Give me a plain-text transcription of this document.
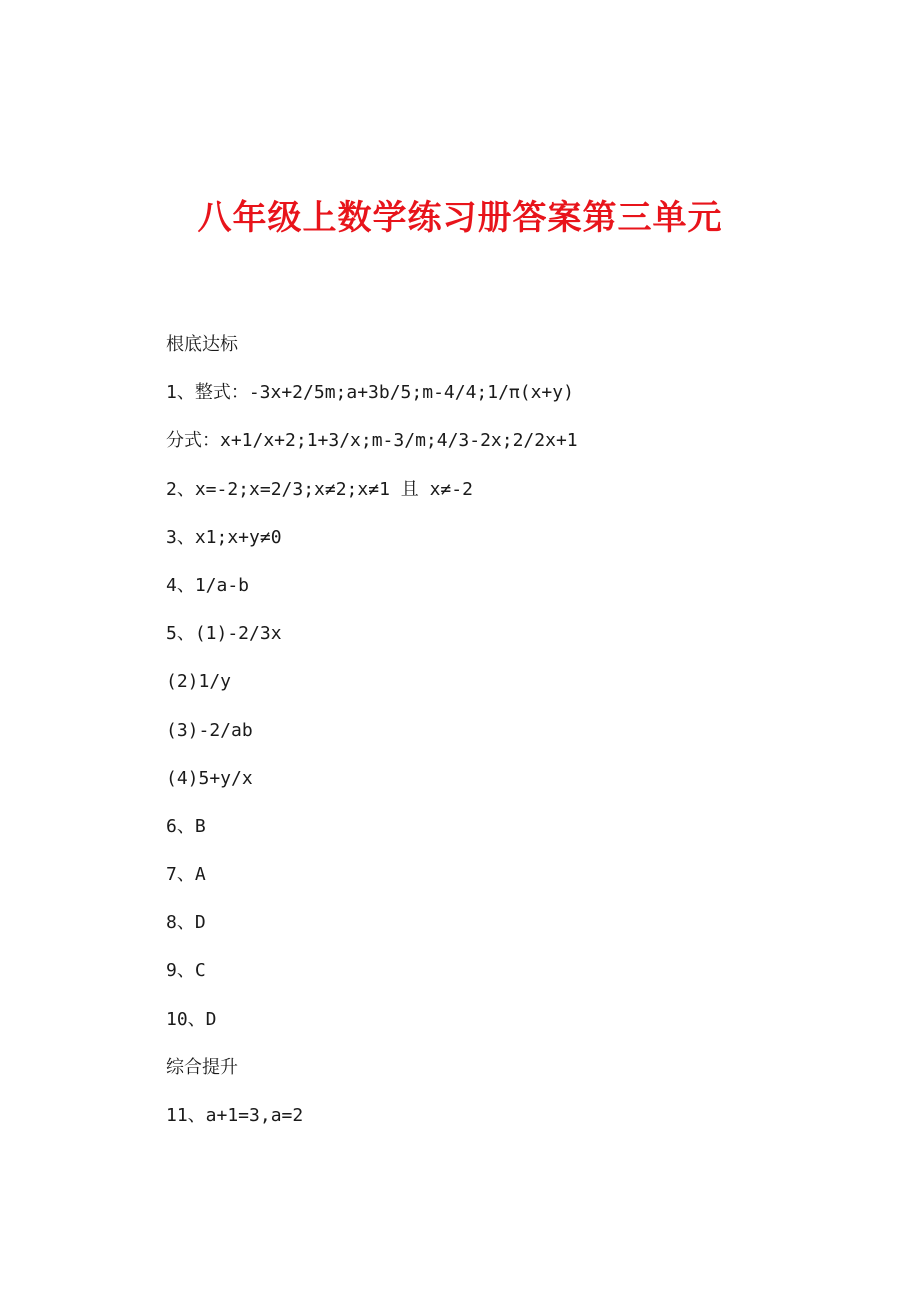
八年级上数学练习册答案第三单元
根底达标
1、整式：-3x+2/5m;a+3b/5;m-4/4;1/π(x+y)
分式：x+1/x+2;1+3/x;m-3/m;4/3-2x;2/2x+1
2、x=-2;x=2/3;x≠2;x≠1 且 x≠-2
3、x1;x+y≠0
4、1/a-b
5、(1)-2/3x
(2)1/y
(3)-2/ab
(4)5+y/x
6、B
7、A
8、D
9、C
10、D
综合提升
11、a+1=3,a=2
